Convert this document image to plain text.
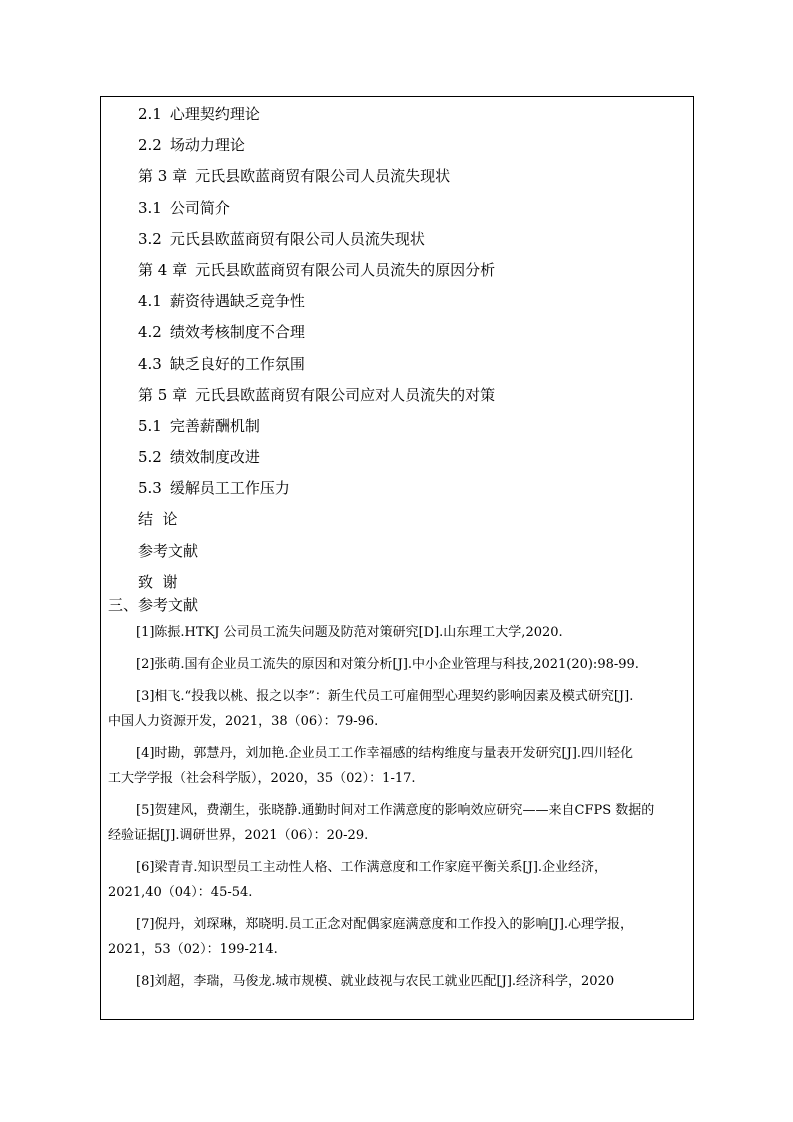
2.1 心理契约理论
2.2 场动力理论
第 3 章 元氏县欧蓝商贸有限公司人员流失现状
3.1 公司简介
3.2 元氏县欧蓝商贸有限公司人员流失现状
第 4 章 元氏县欧蓝商贸有限公司人员流失的原因分析
4.1 薪资待遇缺乏竞争性
4.2 绩效考核制度不合理
4.3 缺乏良好的工作氛围
第 5 章 元氏县欧蓝商贸有限公司应对人员流失的对策
5.1 完善薪酬机制
5.2 绩效制度改进
5.3 缓解员工工作压力
结  论
参考文献
致  谢
三、参考文献
[1]陈振.HTKJ 公司员工流失问题及防范对策研究[D].山东理工大学,2020.
[2]张萌.国有企业员工流失的原因和对策分析[J].中小企业管理与科技,2021(20):98-99.
[3]相飞.“投我以桃、报之以李”：新生代员工可雇佣型心理契约影响因素及模式研究[J].
中国人力资源开发，2021，38（06）：79-96.
[4]时勘，郭慧丹，刘加艳.企业员工工作幸福感的结构维度与量表开发研究[J].四川轻化
工大学学报（社会科学版），2020，35（02）：1-17.
[5]贺建风，费潮生，张晓静.通勤时间对工作满意度的影响效应研究——来自CFPS 数据的
经验证据[J].调研世界，2021（06）：20-29.
[6]梁青青.知识型员工主动性人格、工作满意度和工作家庭平衡关系[J].企业经济，
2021,40（04）：45-54.
[7]倪丹，刘琛琳，郑晓明.员工正念对配偶家庭满意度和工作投入的影响[J].心理学报，
2021，53（02）：199-214.
[8]刘超，李瑞，马俊龙.城市规模、就业歧视与农民工就业匹配[J].经济科学，2020
